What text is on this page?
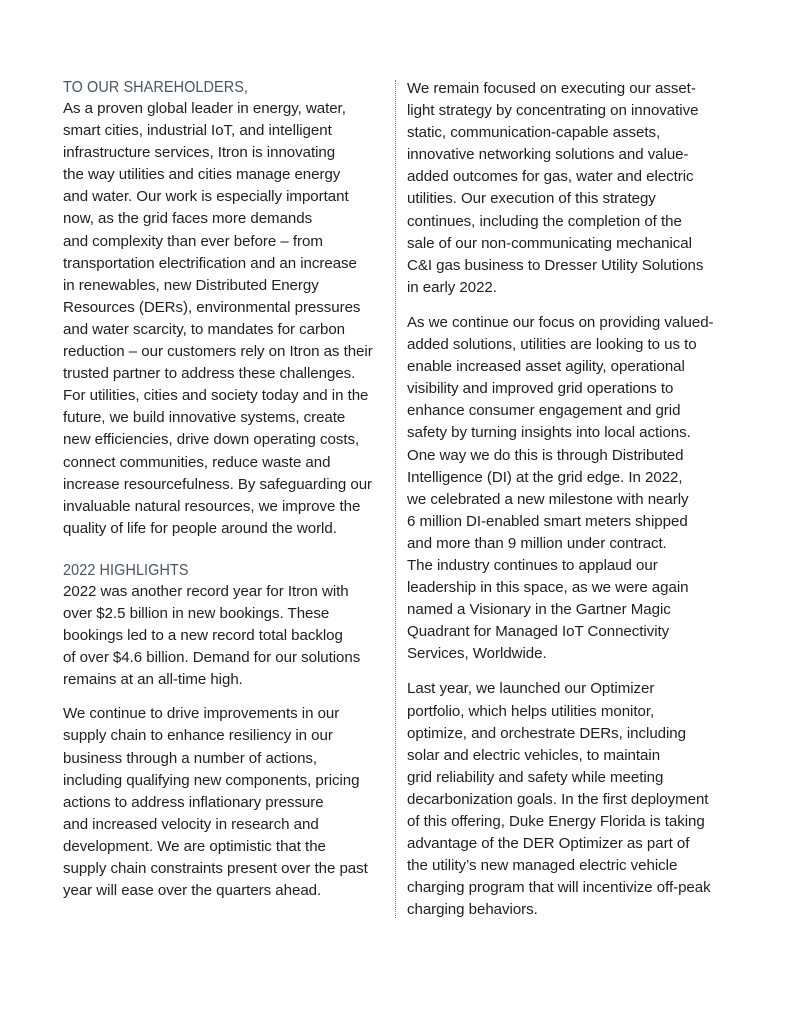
TO OUR SHAREHOLDERS,
As a proven global leader in energy, water,
smart cities, industrial IoT, and intelligent
infrastructure services, Itron is innovating
the way utilities and cities manage energy
and water. Our work is especially important
now, as the grid faces more demands
and complexity than ever before – from
transportation electrification and an increase
in renewables, new Distributed Energy
Resources (DERs), environmental pressures
and water scarcity, to mandates for carbon
reduction – our customers rely on Itron as their
trusted partner to address these challenges.
For utilities, cities and society today and in the
future, we build innovative systems, create
new efficiencies, drive down operating costs,
connect communities, reduce waste and
increase resourcefulness. By safeguarding our
invaluable natural resources, we improve the
quality of life for people around the world.
2022 HIGHLIGHTS
2022 was another record year for Itron with
over $2.5 billion in new bookings. These
bookings led to a new record total backlog
of over $4.6 billion. Demand for our solutions
remains at an all-time high.
We continue to drive improvements in our
supply chain to enhance resiliency in our
business through a number of actions,
including qualifying new components, pricing
actions to address inflationary pressure
and increased velocity in research and
development. We are optimistic that the
supply chain constraints present over the past
year will ease over the quarters ahead.
We remain focused on executing our asset-
light strategy by concentrating on innovative
static, communication-capable assets,
innovative networking solutions and value-
added outcomes for gas, water and electric
utilities. Our execution of this strategy
continues, including the completion of the
sale of our non-communicating mechanical
C&I gas business to Dresser Utility Solutions
in early 2022.
As we continue our focus on providing valued-
added solutions, utilities are looking to us to
enable increased asset agility, operational
visibility and improved grid operations to
enhance consumer engagement and grid
safety by turning insights into local actions.
One way we do this is through Distributed
Intelligence (DI) at the grid edge. In 2022,
we celebrated a new milestone with nearly
6 million DI-enabled smart meters shipped
and more than 9 million under contract.
The industry continues to applaud our
leadership in this space, as we were again
named a Visionary in the Gartner Magic
Quadrant for Managed IoT Connectivity
Services, Worldwide.
Last year, we launched our Optimizer
portfolio, which helps utilities monitor,
optimize, and orchestrate DERs, including
solar and electric vehicles, to maintain
grid reliability and safety while meeting
decarbonization goals. In the first deployment
of this offering, Duke Energy Florida is taking
advantage of the DER Optimizer as part of
the utility’s new managed electric vehicle
charging program that will incentivize off-peak
charging behaviors.
